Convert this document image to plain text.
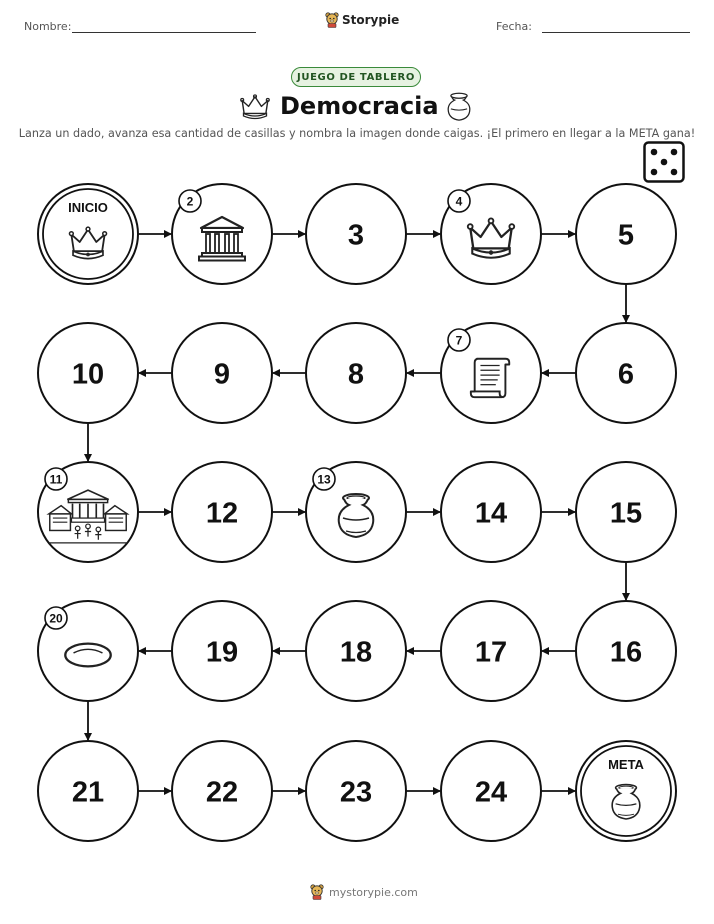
Nombre:	Storypie	Fecha:
JUEGO DE TABLERO
Democracia
Lanza un dado, avanza esa cantidad de casillas y nombra la imagen donde caigas. ¡El primero en llegar a la META gana!
INICIO	2
3
4
5
6
7
8
9
10
11
12
13
14	15
16
17
18
19
20
21	22	23	24
META
mystorypie.com
